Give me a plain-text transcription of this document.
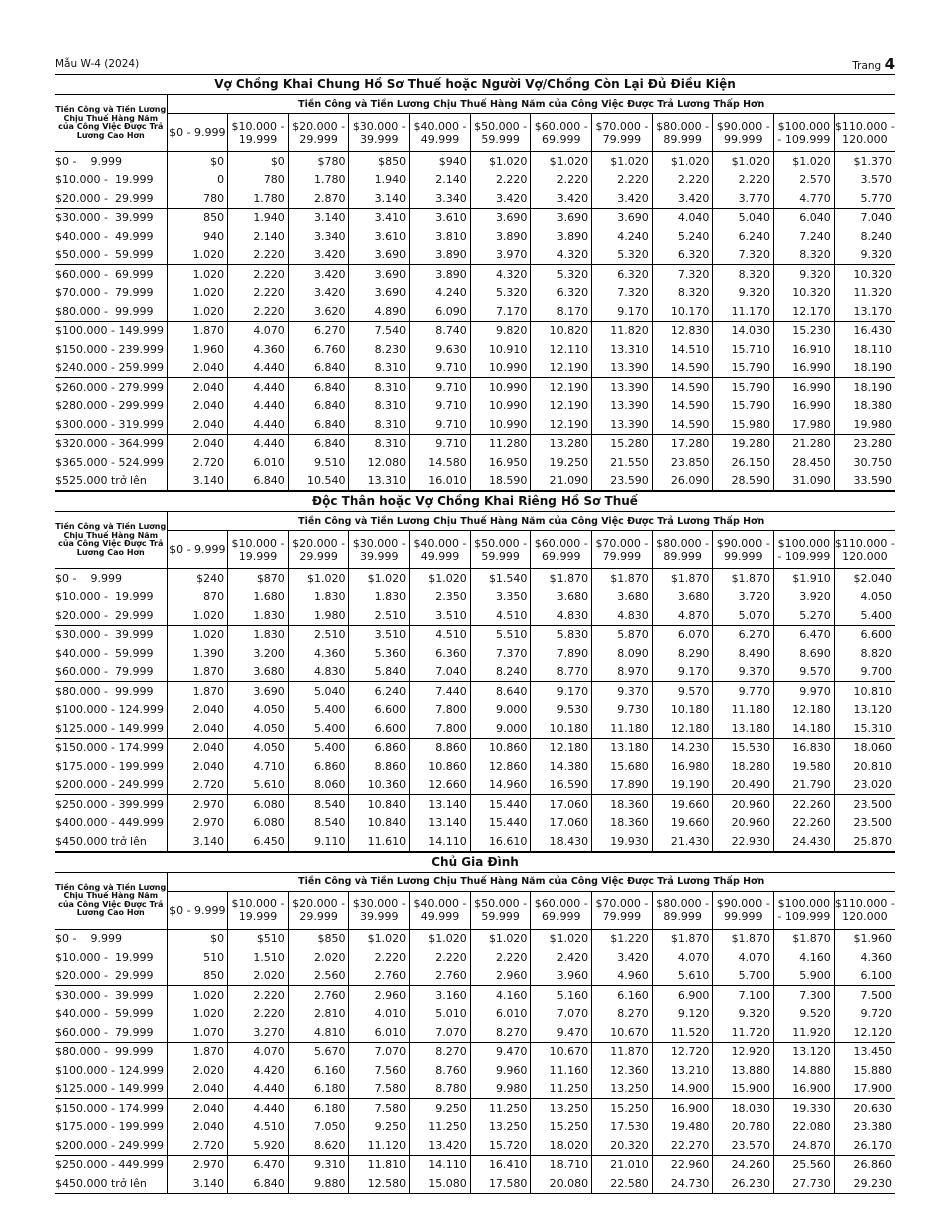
Mẫu W-4 (2024)	Trang 4
Vợ Chồng Khai Chung Hồ Sơ Thuế hoặc Người Vợ/Chồng Còn Lại Đủ Điều Kiện
Tiền Công và Tiền Lương Chịu Thuế Hàng Năm của Công Việc Được Trả Lương Cao Hơn	Tiền Công và Tiền Lương Chịu Thuế Hàng Năm của Công Việc Được Trả Lương Thấp Hơn											
	$0 - 9.999	$10.000 - 19.999	$20.000 - 29.999	$30.000 - 39.999	$40.000 - 49.999	$50.000 - 59.999	$60.000 - 69.999	$70.000 - 79.999	$80.000 - 89.999	$90.000 - 99.999	$100.000 - 109.999	$110.000 - 120.000
$0 -    9.999	$0	$0	$780	$850	$940	$1.020	$1.020	$1.020	$1.020	$1.020	$1.020	$1.370
$10.000 -  19.999	0	780	1.780	1.940	2.140	2.220	2.220	2.220	2.220	2.220	2.570	3.570
$20.000 -  29.999	780	1.780	2.870	3.140	3.340	3.420	3.420	3.420	3.420	3.770	4.770	5.770
$30.000 -  39.999	850	1.940	3.140	3.410	3.610	3.690	3.690	3.690	4.040	5.040	6.040	7.040
$40.000 -  49.999	940	2.140	3.340	3.610	3.810	3.890	3.890	4.240	5.240	6.240	7.240	8.240
$50.000 -  59.999	1.020	2.220	3.420	3.690	3.890	3.970	4.320	5.320	6.320	7.320	8.320	9.320
$60.000 -  69.999	1.020	2.220	3.420	3.690	3.890	4.320	5.320	6.320	7.320	8.320	9.320	10.320
$70.000 -  79.999	1.020	2.220	3.420	3.690	4.240	5.320	6.320	7.320	8.320	9.320	10.320	11.320
$80.000 -  99.999	1.020	2.220	3.620	4.890	6.090	7.170	8.170	9.170	10.170	11.170	12.170	13.170
$100.000 - 149.999	1.870	4.070	6.270	7.540	8.740	9.820	10.820	11.820	12.830	14.030	15.230	16.430
$150.000 - 239.999	1.960	4.360	6.760	8.230	9.630	10.910	12.110	13.310	14.510	15.710	16.910	18.110
$240.000 - 259.999	2.040	4.440	6.840	8.310	9.710	10.990	12.190	13.390	14.590	15.790	16.990	18.190
$260.000 - 279.999	2.040	4.440	6.840	8.310	9.710	10.990	12.190	13.390	14.590	15.790	16.990	18.190
$280.000 - 299.999	2.040	4.440	6.840	8.310	9.710	10.990	12.190	13.390	14.590	15.790	16.990	18.380
$300.000 - 319.999	2.040	4.440	6.840	8.310	9.710	10.990	12.190	13.390	14.590	15.980	17.980	19.980
$320.000 - 364.999	2.040	4.440	6.840	8.310	9.710	11.280	13.280	15.280	17.280	19.280	21.280	23.280
$365.000 - 524.999	2.720	6.010	9.510	12.080	14.580	16.950	19.250	21.550	23.850	26.150	28.450	30.750
$525.000 trở lên	3.140	6.840	10.540	13.310	16.010	18.590	21.090	23.590	26.090	28.590	31.090	33.590
Độc Thân hoặc Vợ Chồng Khai Riêng Hồ Sơ Thuế
Tiền Công và Tiền Lương Chịu Thuế Hàng Năm của Công Việc Được Trả Lương Cao Hơn	Tiền Công và Tiền Lương Chịu Thuế Hàng Năm của Công Việc Được Trả Lương Thấp Hơn											
	$0 - 9.999	$10.000 - 19.999	$20.000 - 29.999	$30.000 - 39.999	$40.000 - 49.999	$50.000 - 59.999	$60.000 - 69.999	$70.000 - 79.999	$80.000 - 89.999	$90.000 - 99.999	$100.000 - 109.999	$110.000 - 120.000
$0 -    9.999	$240	$870	$1.020	$1.020	$1.020	$1.540	$1.870	$1.870	$1.870	$1.870	$1.910	$2.040
$10.000 -  19.999	870	1.680	1.830	1.830	2.350	3.350	3.680	3.680	3.680	3.720	3.920	4.050
$20.000 -  29.999	1.020	1.830	1.980	2.510	3.510	4.510	4.830	4.830	4.870	5.070	5.270	5.400
$30.000 -  39.999	1.020	1.830	2.510	3.510	4.510	5.510	5.830	5.870	6.070	6.270	6.470	6.600
$40.000 -  59.999	1.390	3.200	4.360	5.360	6.360	7.370	7.890	8.090	8.290	8.490	8.690	8.820
$60.000 -  79.999	1.870	3.680	4.830	5.840	7.040	8.240	8.770	8.970	9.170	9.370	9.570	9.700
$80.000 -  99.999	1.870	3.690	5.040	6.240	7.440	8.640	9.170	9.370	9.570	9.770	9.970	10.810
$100.000 - 124.999	2.040	4.050	5.400	6.600	7.800	9.000	9.530	9.730	10.180	11.180	12.180	13.120
$125.000 - 149.999	2.040	4.050	5.400	6.600	7.800	9.000	10.180	11.180	12.180	13.180	14.180	15.310
$150.000 - 174.999	2.040	4.050	5.400	6.860	8.860	10.860	12.180	13.180	14.230	15.530	16.830	18.060
$175.000 - 199.999	2.040	4.710	6.860	8.860	10.860	12.860	14.380	15.680	16.980	18.280	19.580	20.810
$200.000 - 249.999	2.720	5.610	8.060	10.360	12.660	14.960	16.590	17.890	19.190	20.490	21.790	23.020
$250.000 - 399.999	2.970	6.080	8.540	10.840	13.140	15.440	17.060	18.360	19.660	20.960	22.260	23.500
$400.000 - 449.999	2.970	6.080	8.540	10.840	13.140	15.440	17.060	18.360	19.660	20.960	22.260	23.500
$450.000 trở lên	3.140	6.450	9.110	11.610	14.110	16.610	18.430	19.930	21.430	22.930	24.430	25.870
Chủ Gia Đình
Tiền Công và Tiền Lương Chịu Thuế Hàng Năm của Công Việc Được Trả Lương Cao Hơn	Tiền Công và Tiền Lương Chịu Thuế Hàng Năm của Công Việc Được Trả Lương Thấp Hơn											
	$0 - 9.999	$10.000 - 19.999	$20.000 - 29.999	$30.000 - 39.999	$40.000 - 49.999	$50.000 - 59.999	$60.000 - 69.999	$70.000 - 79.999	$80.000 - 89.999	$90.000 - 99.999	$100.000 - 109.999	$110.000 - 120.000
$0 -    9.999	$0	$510	$850	$1.020	$1.020	$1.020	$1.020	$1.220	$1.870	$1.870	$1.870	$1.960
$10.000 -  19.999	510	1.510	2.020	2.220	2.220	2.220	2.420	3.420	4.070	4.070	4.160	4.360
$20.000 -  29.999	850	2.020	2.560	2.760	2.760	2.960	3.960	4.960	5.610	5.700	5.900	6.100
$30.000 -  39.999	1.020	2.220	2.760	2.960	3.160	4.160	5.160	6.160	6.900	7.100	7.300	7.500
$40.000 -  59.999	1.020	2.220	2.810	4.010	5.010	6.010	7.070	8.270	9.120	9.320	9.520	9.720
$60.000 -  79.999	1.070	3.270	4.810	6.010	7.070	8.270	9.470	10.670	11.520	11.720	11.920	12.120
$80.000 -  99.999	1.870	4.070	5.670	7.070	8.270	9.470	10.670	11.870	12.720	12.920	13.120	13.450
$100.000 - 124.999	2.020	4.420	6.160	7.560	8.760	9.960	11.160	12.360	13.210	13.880	14.880	15.880
$125.000 - 149.999	2.040	4.440	6.180	7.580	8.780	9.980	11.250	13.250	14.900	15.900	16.900	17.900
$150.000 - 174.999	2.040	4.440	6.180	7.580	9.250	11.250	13.250	15.250	16.900	18.030	19.330	20.630
$175.000 - 199.999	2.040	4.510	7.050	9.250	11.250	13.250	15.250	17.530	19.480	20.780	22.080	23.380
$200.000 - 249.999	2.720	5.920	8.620	11.120	13.420	15.720	18.020	20.320	22.270	23.570	24.870	26.170
$250.000 - 449.999	2.970	6.470	9.310	11.810	14.110	16.410	18.710	21.010	22.960	24.260	25.560	26.860
$450.000 trở lên	3.140	6.840	9.880	12.580	15.080	17.580	20.080	22.580	24.730	26.230	27.730	29.230
